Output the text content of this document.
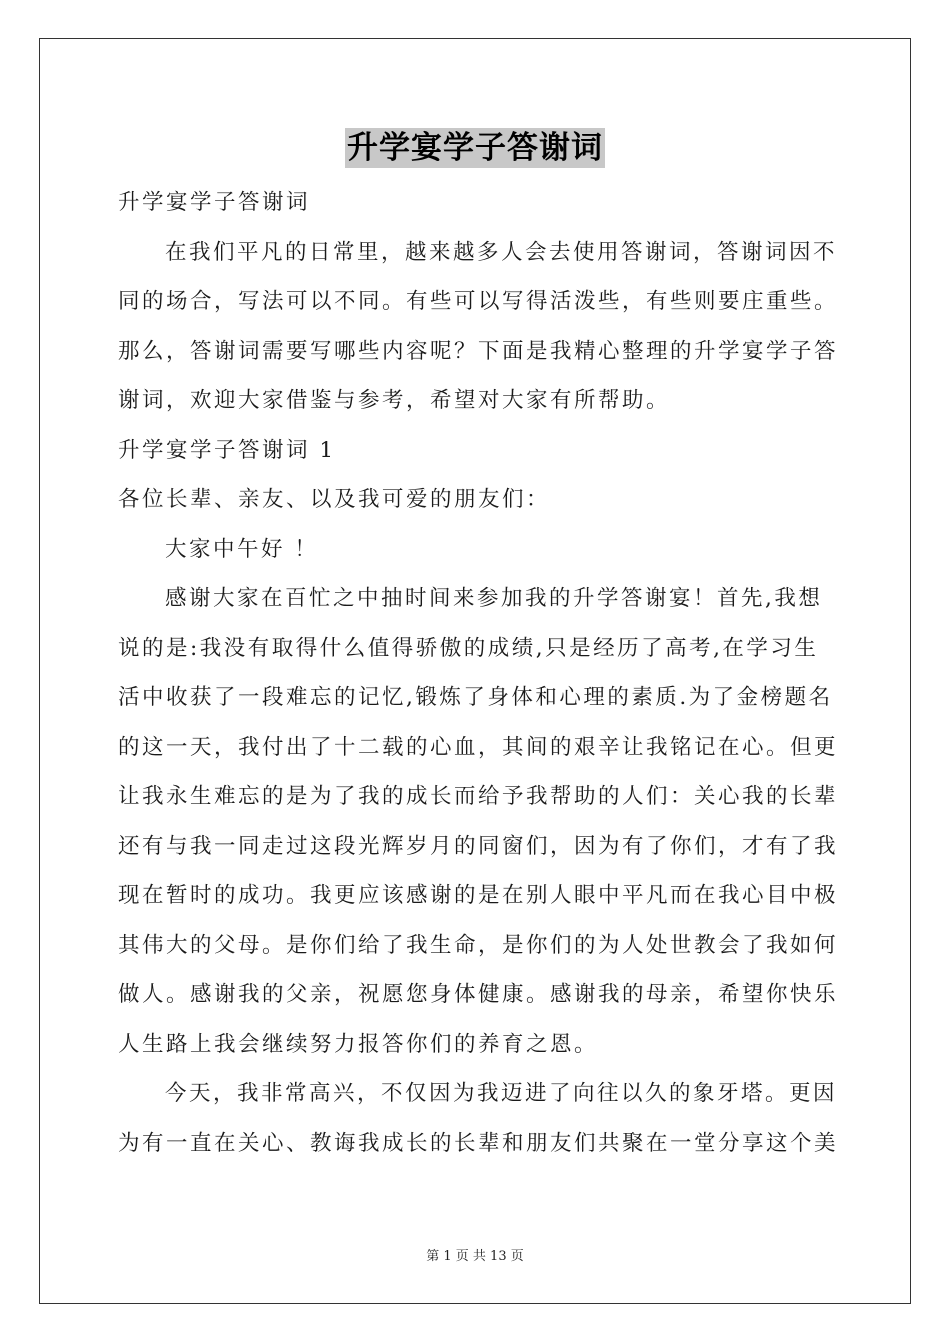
升学宴学子答谢词
升学宴学子答谢词
在我们平凡的日常里，越来越多人会去使用答谢词，答谢词因不
同的场合，写法可以不同。有些可以写得活泼些，有些则要庄重些。
那么，答谢词需要写哪些内容呢？下面是我精心整理的升学宴学子答
谢词，欢迎大家借鉴与参考，希望对大家有所帮助。
升学宴学子答谢词 1
各位长辈、亲友、以及我可爱的朋友们：
大家中午好 ！
感谢大家在百忙之中抽时间来参加我的升学答谢宴！首先,我想
说的是:我没有取得什么值得骄傲的成绩,只是经历了高考,在学习生
活中收获了一段难忘的记忆,锻炼了身体和心理的素质.为了金榜题名
的这一天，我付出了十二载的心血，其间的艰辛让我铭记在心。但更
让我永生难忘的是为了我的成长而给予我帮助的人们：关心我的长辈
还有与我一同走过这段光辉岁月的同窗们，因为有了你们，才有了我
现在暂时的成功。我更应该感谢的是在别人眼中平凡而在我心目中极
其伟大的父母。是你们给了我生命，是你们的为人处世教会了我如何
做人。感谢我的父亲，祝愿您身体健康。感谢我的母亲，希望你快乐
人生路上我会继续努力报答你们的养育之恩。
今天，我非常高兴，不仅因为我迈进了向往以久的象牙塔。更因
为有一直在关心、教诲我成长的长辈和朋友们共聚在一堂分享这个美
第 1 页 共 13 页
